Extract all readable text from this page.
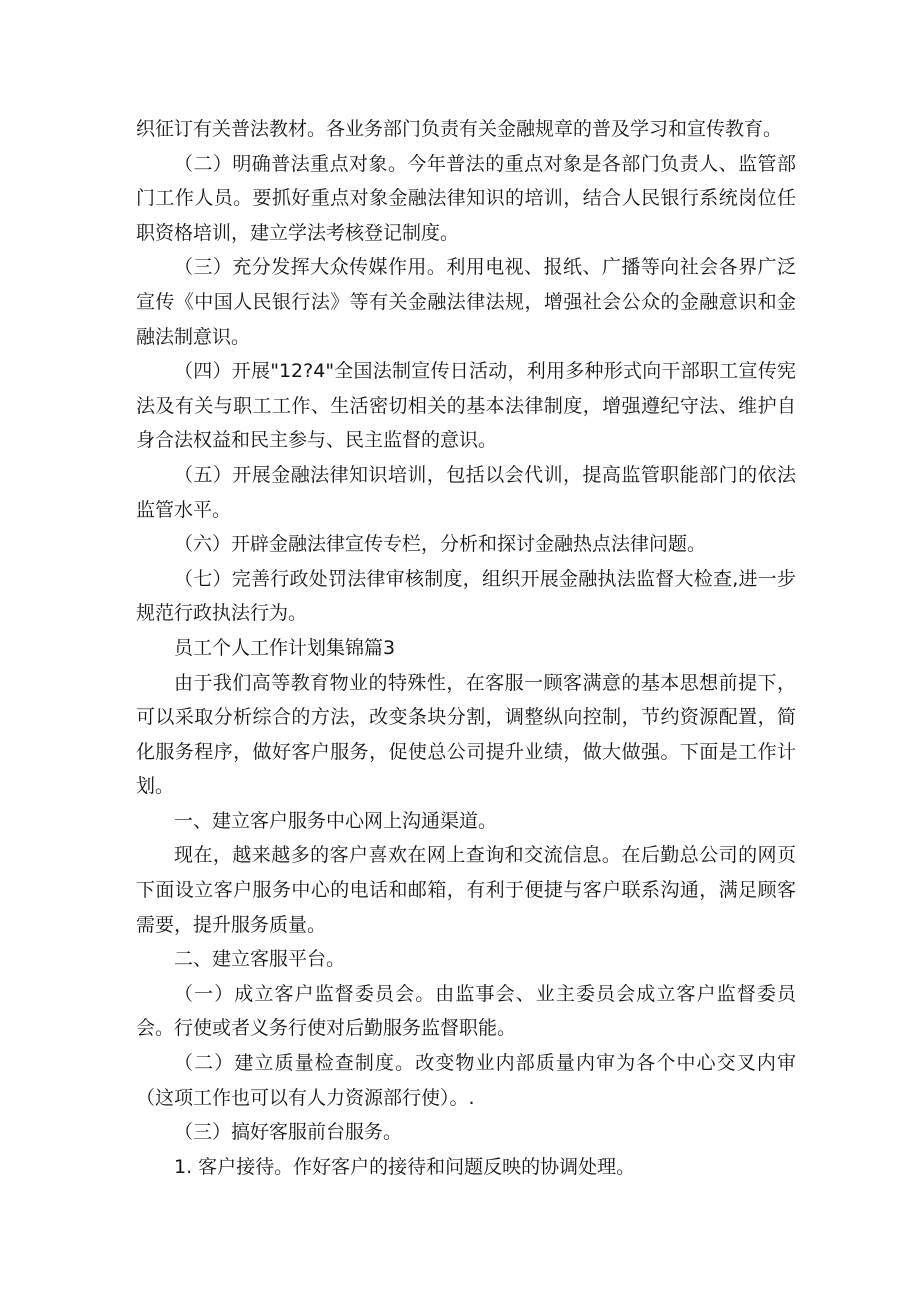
织征订有关普法教材。各业务部门负责有关金融规章的普及学习和宣传教育。

（二）明确普法重点对象。今年普法的重点对象是各部门负责人、监管部门工作人员。要抓好重点对象金融法律知识的培训，结合人民银行系统岗位任职资格培训，建立学法考核登记制度。

（三）充分发挥大众传媒作用。利用电视、报纸、广播等向社会各界广泛宣传《中国人民银行法》等有关金融法律法规，增强社会公众的金融意识和金融法制意识。

（四）开展"12?4"全国法制宣传日活动，利用多种形式向干部职工宣传宪法及有关与职工工作、生活密切相关的基本法律制度，增强遵纪守法、维护自身合法权益和民主参与、民主监督的意识。

（五）开展金融法律知识培训，包括以会代训，提高监管职能部门的依法监管水平。

（六）开辟金融法律宣传专栏，分析和探讨金融热点法律问题。

（七）完善行政处罚法律审核制度，组织开展金融执法监督大检查,进一步规范行政执法行为。

员工个人工作计划集锦篇3

由于我们高等教育物业的特殊性，在客服一顾客满意的基本思想前提下，可以采取分析综合的方法，改变条块分割，调整纵向控制，节约资源配置，简化服务程序，做好客户服务，促使总公司提升业绩，做大做强。下面是工作计划。

一、建立客户服务中心网上沟通渠道。

现在，越来越多的客户喜欢在网上查询和交流信息。在后勤总公司的网页下面设立客户服务中心的电话和邮箱，有利于便捷与客户联系沟通，满足顾客需要，提升服务质量。

二、建立客服平台。

（一）成立客户监督委员会。由监事会、业主委员会成立客户监督委员会。行使或者义务行使对后勤服务监督职能。

（二）建立质量检查制度。改变物业内部质量内审为各个中心交叉内审（这项工作也可以有人力资源部行使）。.

（三）搞好客服前台服务。

1. 客户接待。作好客户的接待和问题反映的协调处理。
